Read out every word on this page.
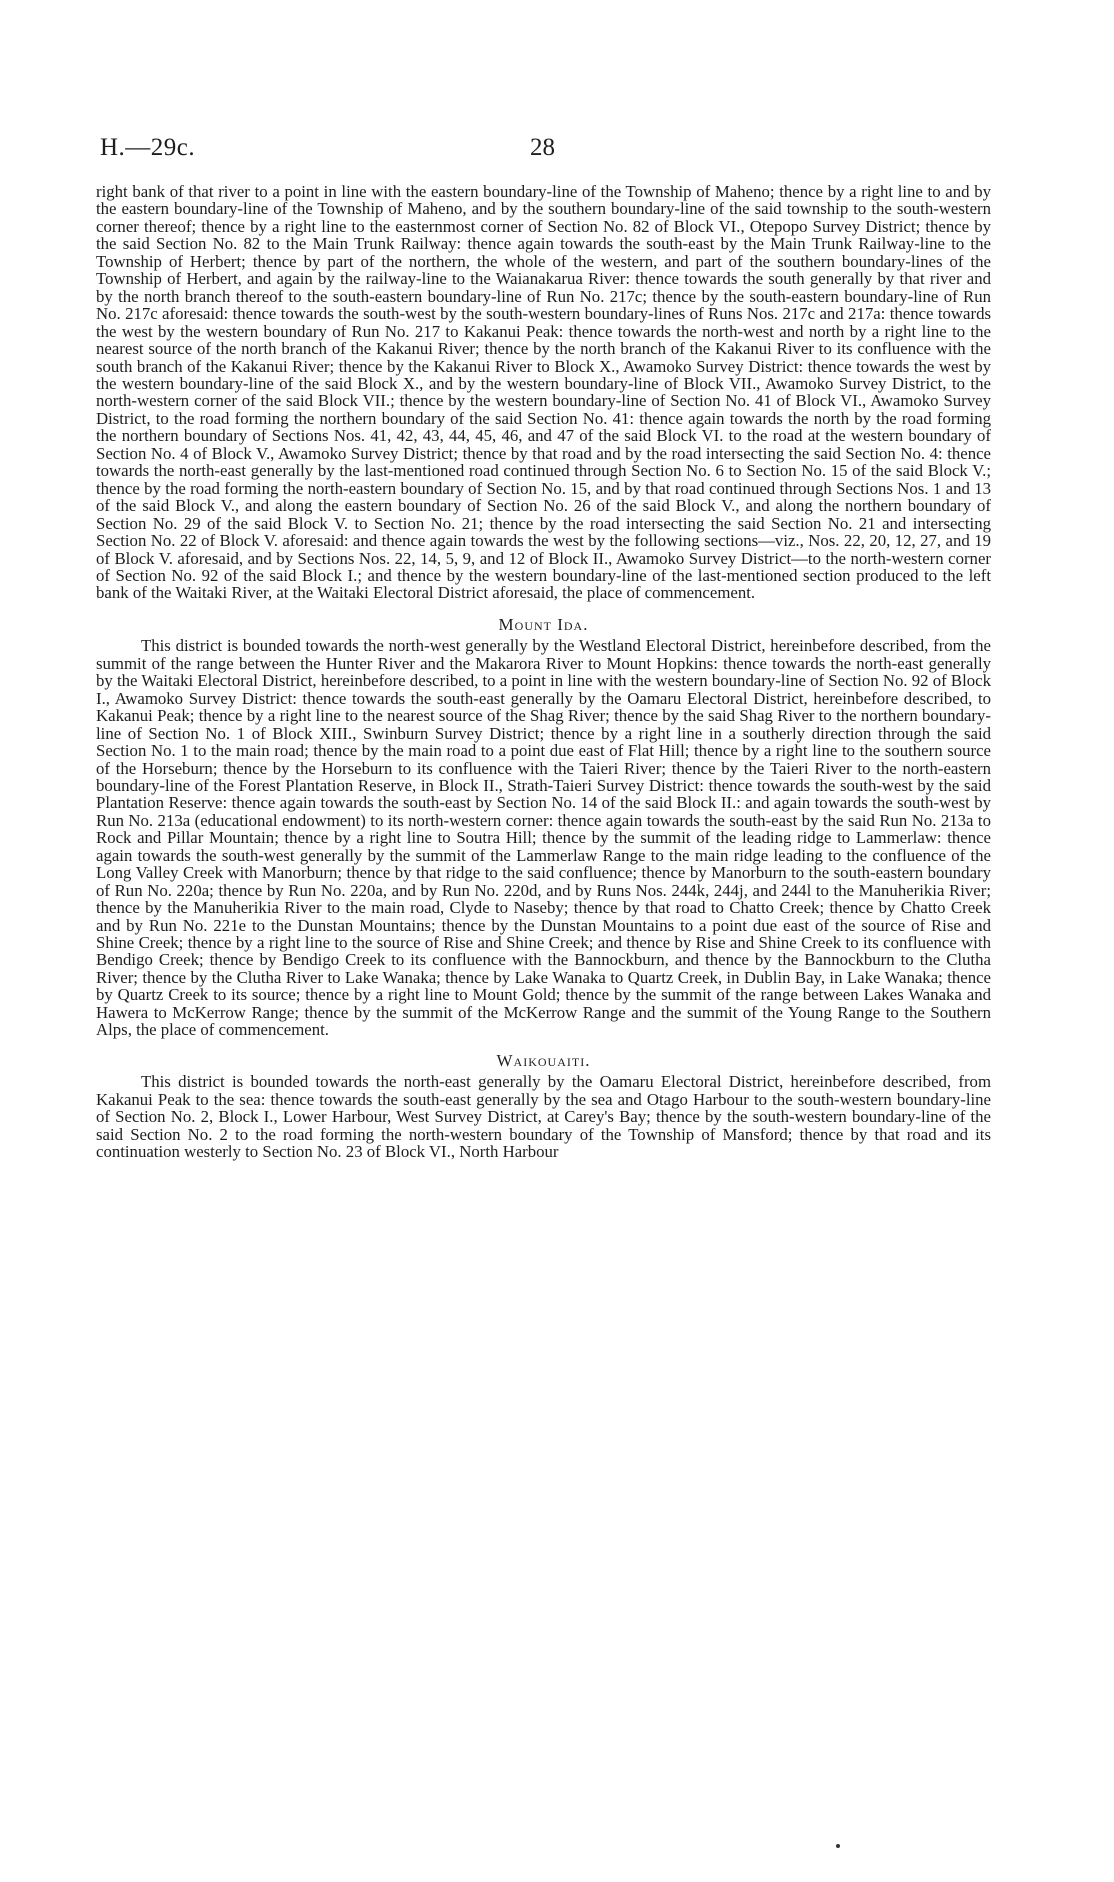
H.—29c.	28

right bank of that river to a point in line with the eastern boundary-line of the Township of Maheno; thence by a right line to and by the eastern boundary-line of the Township of Maheno, and by the southern boundary-line of the said township to the south-western corner thereof; thence by a right line to the easternmost corner of Section No. 82 of Block VI., Otepopo Survey District; thence by the said Section No. 82 to the Main Trunk Railway: thence again towards the south-east by the Main Trunk Railway-line to the Township of Herbert; thence by part of the northern, the whole of the western, and part of the southern boundary-lines of the Township of Herbert, and again by the railway-line to the Waianakarua River: thence towards the south generally by that river and by the north branch thereof to the south-eastern boundary-line of Run No. 217c; thence by the south-eastern boundary-line of Run No. 217c aforesaid: thence towards the south-west by the south-western boundary-lines of Runs Nos. 217c and 217a: thence towards the west by the western boundary of Run No. 217 to Kakanui Peak: thence towards the north-west and north by a right line to the nearest source of the north branch of the Kakanui River; thence by the north branch of the Kakanui River to its confluence with the south branch of the Kakanui River; thence by the Kakanui River to Block X., Awamoko Survey District: thence towards the west by the western boundary-line of the said Block X., and by the western boundary-line of Block VII., Awamoko Survey District, to the north-western corner of the said Block VII.; thence by the western boundary-line of Section No. 41 of Block VI., Awamoko Survey District, to the road forming the northern boundary of the said Section No. 41: thence again towards the north by the road forming the northern boundary of Sections Nos. 41, 42, 43, 44, 45, 46, and 47 of the said Block VI. to the road at the western boundary of Section No. 4 of Block V., Awamoko Survey District; thence by that road and by the road intersecting the said Section No. 4: thence towards the north-east generally by the last-mentioned road continued through Section No. 6 to Section No. 15 of the said Block V.; thence by the road forming the north-eastern boundary of Section No. 15, and by that road continued through Sections Nos. 1 and 13 of the said Block V., and along the eastern boundary of Section No. 26 of the said Block V., and along the northern boundary of Section No. 29 of the said Block V. to Section No. 21; thence by the road intersecting the said Section No. 21 and intersecting Section No. 22 of Block V. aforesaid: and thence again towards the west by the following sections—viz., Nos. 22, 20, 12, 27, and 19 of Block V. aforesaid, and by Sections Nos. 22, 14, 5, 9, and 12 of Block II., Awamoko Survey District—to the north-western corner of Section No. 92 of the said Block I.; and thence by the western boundary-line of the last-mentioned section produced to the left bank of the Waitaki River, at the Waitaki Electoral District aforesaid, the place of commencement.

Mount Ida.

This district is bounded towards the north-west generally by the Westland Electoral District, hereinbefore described, from the summit of the range between the Hunter River and the Makarora River to Mount Hopkins: thence towards the north-east generally by the Waitaki Electoral District, hereinbefore described, to a point in line with the western boundary-line of Section No. 92 of Block I., Awamoko Survey District: thence towards the south-east generally by the Oamaru Electoral District, hereinbefore described, to Kakanui Peak; thence by a right line to the nearest source of the Shag River; thence by the said Shag River to the northern boundary-line of Section No. 1 of Block XIII., Swinburn Survey District; thence by a right line in a southerly direction through the said Section No. 1 to the main road; thence by the main road to a point due east of Flat Hill; thence by a right line to the southern source of the Horseburn; thence by the Horseburn to its confluence with the Taieri River; thence by the Taieri River to the north-eastern boundary-line of the Forest Plantation Reserve, in Block II., Strath-Taieri Survey District: thence towards the south-west by the said Plantation Reserve: thence again towards the south-east by Section No. 14 of the said Block II.: and again towards the south-west by Run No. 213a (educational endowment) to its north-western corner: thence again towards the south-east by the said Run No. 213a to Rock and Pillar Mountain; thence by a right line to Soutra Hill; thence by the summit of the leading ridge to Lammerlaw: thence again towards the south-west generally by the summit of the Lammerlaw Range to the main ridge leading to the confluence of the Long Valley Creek with Manorburn; thence by that ridge to the said confluence; thence by Manorburn to the south-eastern boundary of Run No. 220a; thence by Run No. 220a, and by Run No. 220d, and by Runs Nos. 244k, 244j, and 244l to the Manuherikia River; thence by the Manuherikia River to the main road, Clyde to Naseby; thence by that road to Chatto Creek; thence by Chatto Creek and by Run No. 221e to the Dunstan Mountains; thence by the Dunstan Mountains to a point due east of the source of Rise and Shine Creek; thence by a right line to the source of Rise and Shine Creek; and thence by Rise and Shine Creek to its confluence with Bendigo Creek; thence by Bendigo Creek to its confluence with the Bannockburn, and thence by the Bannockburn to the Clutha River; thence by the Clutha River to Lake Wanaka; thence by Lake Wanaka to Quartz Creek, in Dublin Bay, in Lake Wanaka; thence by Quartz Creek to its source; thence by a right line to Mount Gold; thence by the summit of the range between Lakes Wanaka and Hawera to McKerrow Range; thence by the summit of the McKerrow Range and the summit of the Young Range to the Southern Alps, the place of commencement.

Waikouaiti.

This district is bounded towards the north-east generally by the Oamaru Electoral District, hereinbefore described, from Kakanui Peak to the sea: thence towards the south-east generally by the sea and Otago Harbour to the south-western boundary-line of Section No. 2, Block I., Lower Harbour, West Survey District, at Carey's Bay; thence by the south-western boundary-line of the said Section No. 2 to the road forming the north-western boundary of the Township of Mansford; thence by that road and its continuation westerly to Section No. 23 of Block VI., North Harbour
